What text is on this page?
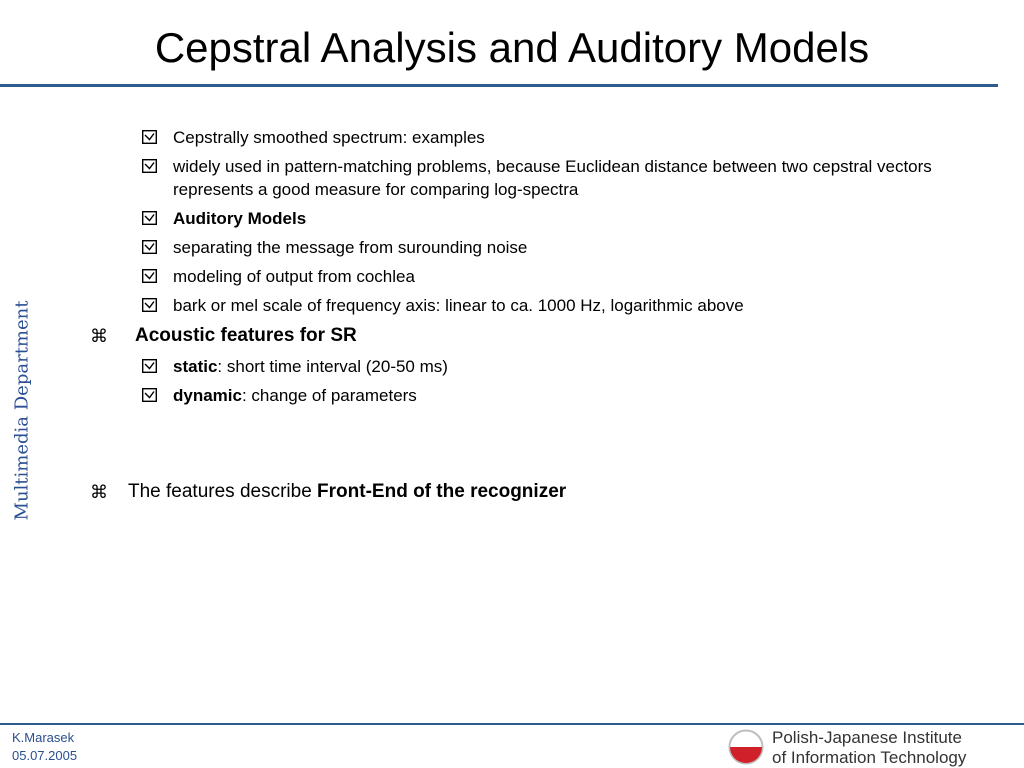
Cepstral Analysis and Auditory Models
Multimedia Department
Cepstrally smoothed spectrum: examples
widely used in pattern-matching problems, because Euclidean distance between two cepstral vectors represents a good measure for comparing log-spectra
Auditory Models
separating the message from surounding noise
modeling of output from cochlea
bark or mel scale of frequency axis: linear to ca. 1000 Hz, logarithmic above
⌘ Acoustic features for SR
static: short time interval (20-50 ms)
dynamic: change of parameters
⌘ The features describe Front-End of the recognizer
K.Marasek
05.07.2005
Polish-Japanese Institute
of Information Technology
